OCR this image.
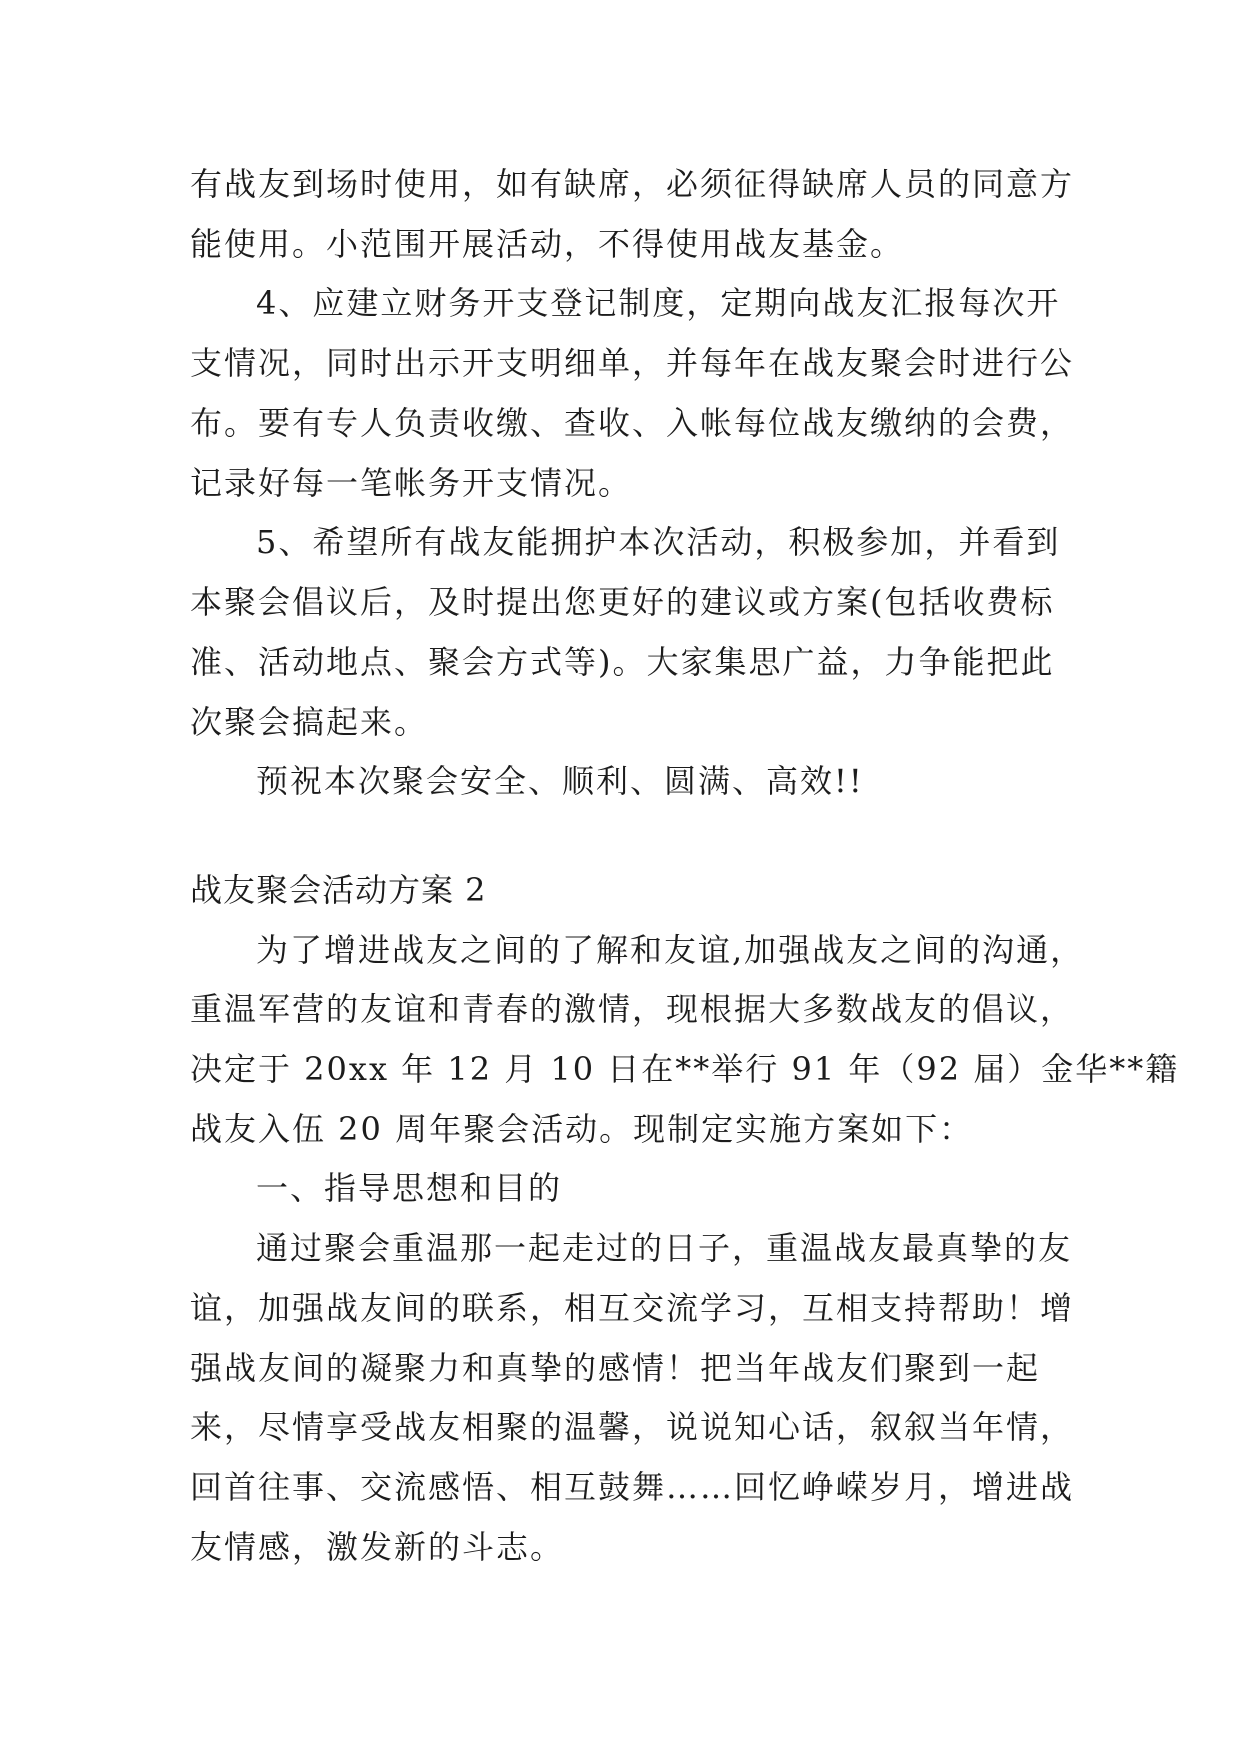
有战友到场时使用，如有缺席，必须征得缺席人员的同意方
能使用。小范围开展活动，不得使用战友基金。
4、应建立财务开支登记制度，定期向战友汇报每次开
支情况，同时出示开支明细单，并每年在战友聚会时进行公
布。要有专人负责收缴、查收、入帐每位战友缴纳的会费，
记录好每一笔帐务开支情况。
5、希望所有战友能拥护本次活动，积极参加，并看到
本聚会倡议后，及时提出您更好的建议或方案(包括收费标
准、活动地点、聚会方式等)。大家集思广益，力争能把此
次聚会搞起来。
预祝本次聚会安全、顺利、圆满、高效!!
战友聚会活动方案 2
为了增进战友之间的了解和友谊,加强战友之间的沟通，
重温军营的友谊和青春的激情，现根据大多数战友的倡议，
决定于 20xx 年 12 月 10 日在**举行 91 年（92 届）金华**籍
战友入伍 20 周年聚会活动。现制定实施方案如下：
一、指导思想和目的
通过聚会重温那一起走过的日子，重温战友最真挚的友
谊，加强战友间的联系，相互交流学习，互相支持帮助！增
强战友间的凝聚力和真挚的感情！把当年战友们聚到一起
来，尽情享受战友相聚的温馨，说说知心话，叙叙当年情，
回首往事、交流感悟、相互鼓舞……回忆峥嵘岁月，增进战
友情感，激发新的斗志。
